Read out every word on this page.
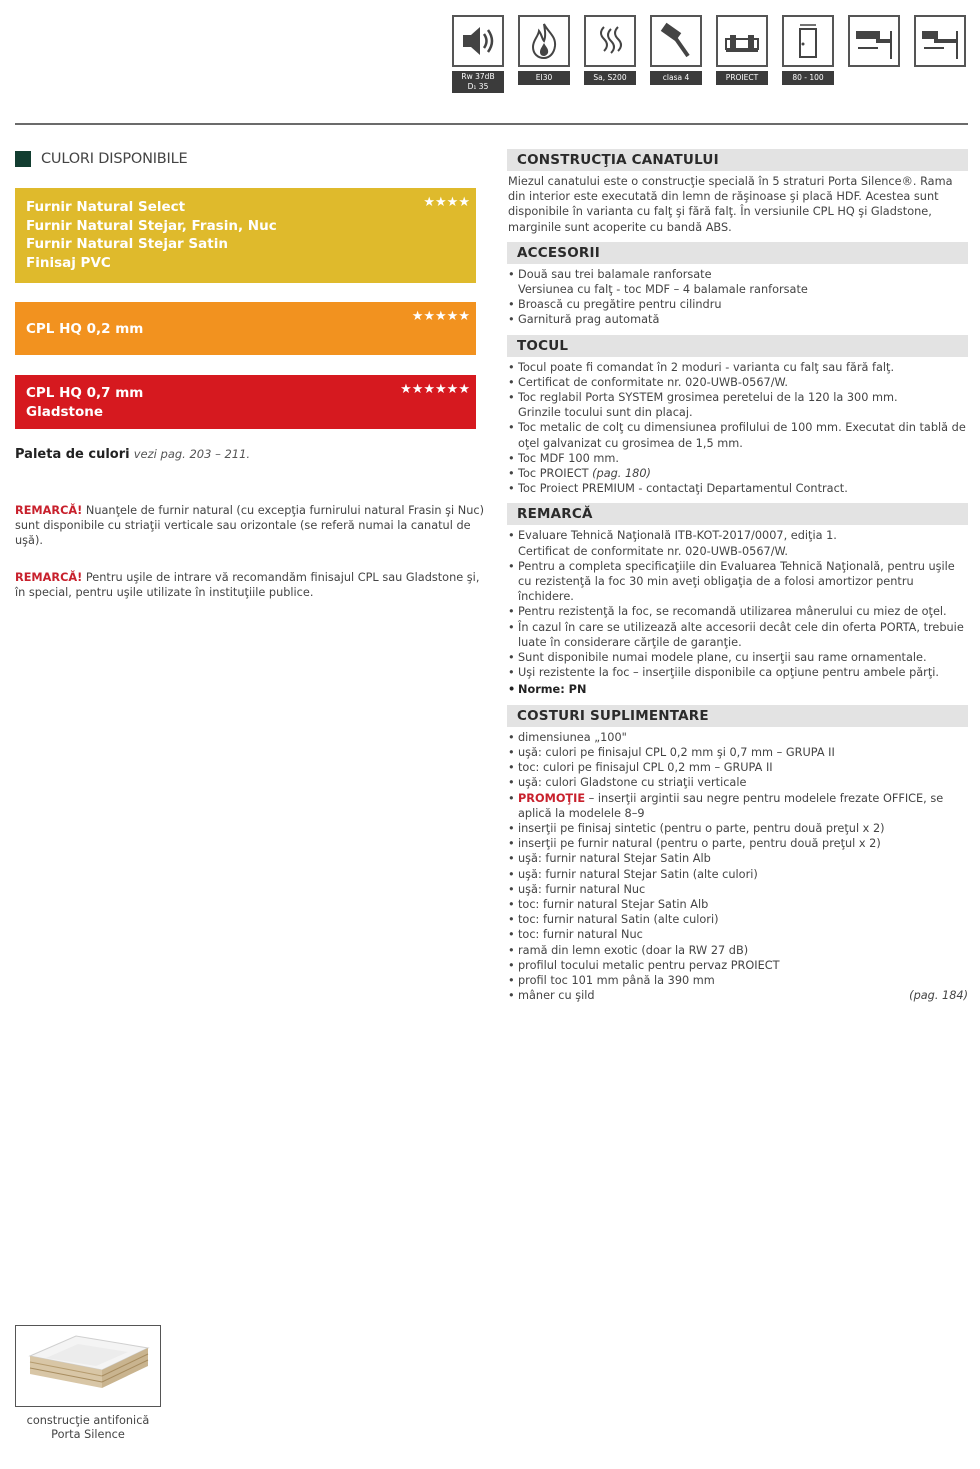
Rw 37dB
D₁ 35
EI30	Sa, S200	clasa 4	PROIECT	80 - 100
CULORI DISPONIBILE
Furnir Natural Select
Furnir Natural Stejar, Frasin, Nuc
Furnir Natural Stejar Satin
Finisaj PVC
★★★★
CPL HQ 0,2 mm
★★★★★
CPL HQ 0,7 mm
Gladstone
★★★★★★
Paleta de culori vezi pag. 203 – 211.
REMARCĂ! Nuanţele de furnir natural (cu excepţia furnirului natural Frasin şi Nuc) sunt disponibile cu striaţii verticale sau orizontale (se referă numai la canatul de uşă).
REMARCĂ! Pentru uşile de intrare vă recomandăm finisajul CPL sau Gladstone şi, în special, pentru uşile utilizate în instituţiile publice.
CONSTRUCŢIA CANATULUI
Miezul canatului este o construcţie specială în 5 straturi Porta Silence®. Rama din interior este executată din lemn de răşinoase şi placă HDF. Acestea sunt disponibile în varianta cu falţ şi fără falţ. În versiunile CPL HQ şi Gladstone, marginile sunt acoperite cu bandă ABS.
ACCESORII
• Două sau trei balamale ranforsate
Versiunea cu falţ - toc MDF – 4 balamale ranforsate
• Broască cu pregătire pentru cilindru
• Garnitură prag automată
TOCUL
• Tocul poate fi comandat în 2 moduri - varianta cu falţ sau fără falţ.
• Certificat de conformitate nr. 020-UWB-0567/W.
• Toc reglabil Porta SYSTEM grosimea peretelui de la 120 la 300 mm.
Grinzile tocului sunt din placaj.
• Toc metalic de colţ cu dimensiunea profilului de 100 mm. Executat din tablă de oţel galvanizat cu grosimea de 1,5 mm.
• Toc MDF 100 mm.
• Toc PROIECT (pag. 180)
• Toc Proiect PREMIUM - contactaţi Departamentul Contract.
REMARCĂ
• Evaluare Tehnică Naţională ITB-KOT-2017/0007, ediţia 1.
Certificat de conformitate nr. 020-UWB-0567/W.
• Pentru a completa specificaţiile din Evaluarea Tehnică Naţională, pentru uşile cu rezistenţă la foc 30 min aveţi obligaţia de a folosi amortizor pentru închidere.
• Pentru rezistenţă la foc, se recomandă utilizarea mânerului cu miez de oţel.
• În cazul în care se utilizează alte accesorii decât cele din oferta PORTA, trebuie luate în considerare cărţile de garanţie.
• Sunt disponibile numai modele plane, cu inserţii sau rame ornamentale.
• Uşi rezistente la foc – inserţiile disponibile ca opţiune pentru ambele părţi.
• Norme: PN
COSTURI SUPLIMENTARE
• dimensiunea „100"
• uşă: culori pe finisajul CPL 0,2 mm şi 0,7 mm – GRUPA II
• toc: culori pe finisajul CPL 0,2 mm – GRUPA II
• uşă: culori Gladstone cu striaţii verticale
• PROMOŢIE – inserţii argintii sau negre pentru modelele frezate OFFICE, se aplică la modelele 8–9
• inserţii pe finisaj sintetic (pentru o parte, pentru două preţul x 2)
• inserţii pe furnir natural (pentru o parte, pentru două preţul x 2)
• uşă: furnir natural Stejar Satin Alb
• uşă: furnir natural Stejar Satin (alte culori)
• uşă: furnir natural Nuc
• toc: furnir natural Stejar Satin Alb
• toc: furnir natural Satin (alte culori)
• toc: furnir natural Nuc
• ramă din lemn exotic (doar la RW 27 dB)
• profilul tocului metalic pentru pervaz PROIECT
• profil toc 101 mm până la 390 mm
• mâner cu şild	(pag. 184)
construcţie antifonică
Porta Silence
